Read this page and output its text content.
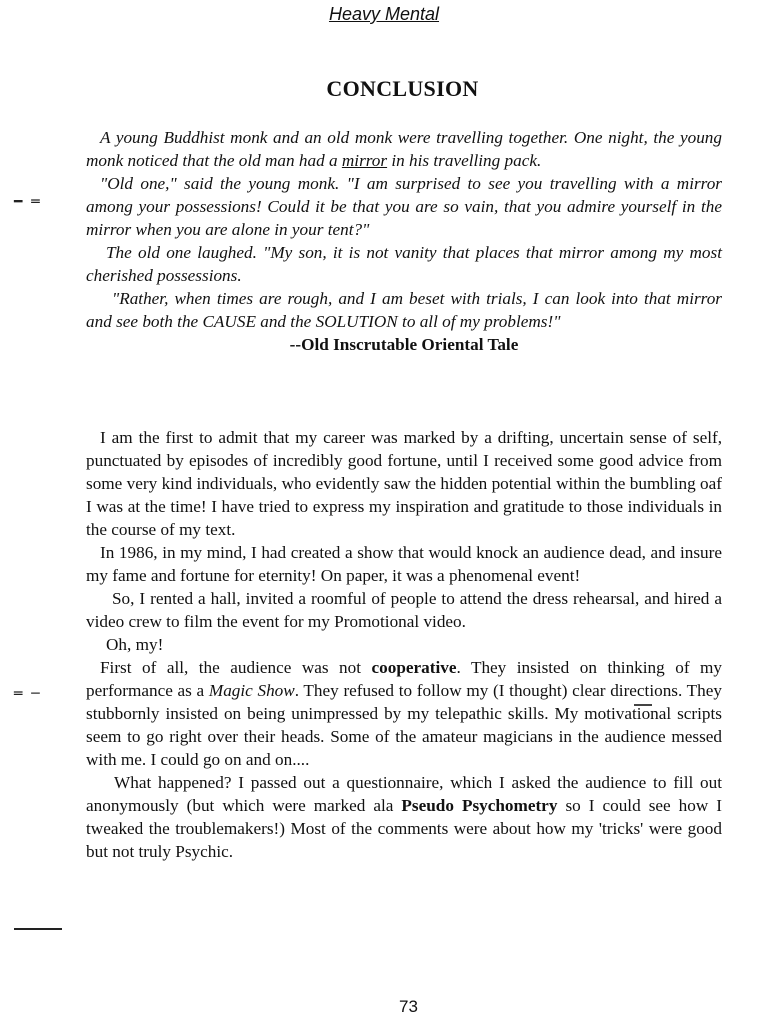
Heavy Mental
CONCLUSION
━ ═
═ ─

A young Buddhist monk and an old monk were travelling together. One night, the young monk noticed that the old man had a mirror in his travelling pack.

"Old one," said the young monk. "I am surprised to see you travelling with a mirror among your possessions! Could it be that you are so vain, that you admire yourself in the mirror when you are alone in your tent?"

The old one laughed. "My son, it is not vanity that places that mirror among my most cherished possessions.

"Rather, when times are rough, and I am beset with trials, I can look into that mirror and see both the CAUSE and the SOLUTION to all of my problems!"

--Old Inscrutable Oriental Tale

I am the first to admit that my career was marked by a drifting, uncertain sense of self, punctuated by episodes of incredibly good fortune, until I received some good advice from some very kind individuals, who evidently saw the hidden potential within the bumbling oaf I was at the time! I have tried to express my inspiration and gratitude to those individuals in the course of my text.

In 1986, in my mind, I had created a show that would knock an audience dead, and insure my fame and fortune for eternity! On paper, it was a phenomenal event!

So, I rented a hall, invited a roomful of people to attend the dress rehearsal, and hired a video crew to film the event for my Promotional video.

Oh, my!

First of all, the audience was not cooperative. They insisted on thinking of my performance as a Magic Show. They refused to follow my (I thought) clear directions. They stubbornly insisted on being unimpressed by my telepathic skills. My motivational scripts seem to go right over their heads. Some of the amateur magicians in the audience messed with me. I could go on and on....

What happened? I passed out a questionnaire, which I asked the audience to fill out anonymously (but which were marked ala Pseudo Psychometry so I could see how I tweaked the troublemakers!) Most of the comments were about how my 'tricks' were good but not truly Psychic.

73
